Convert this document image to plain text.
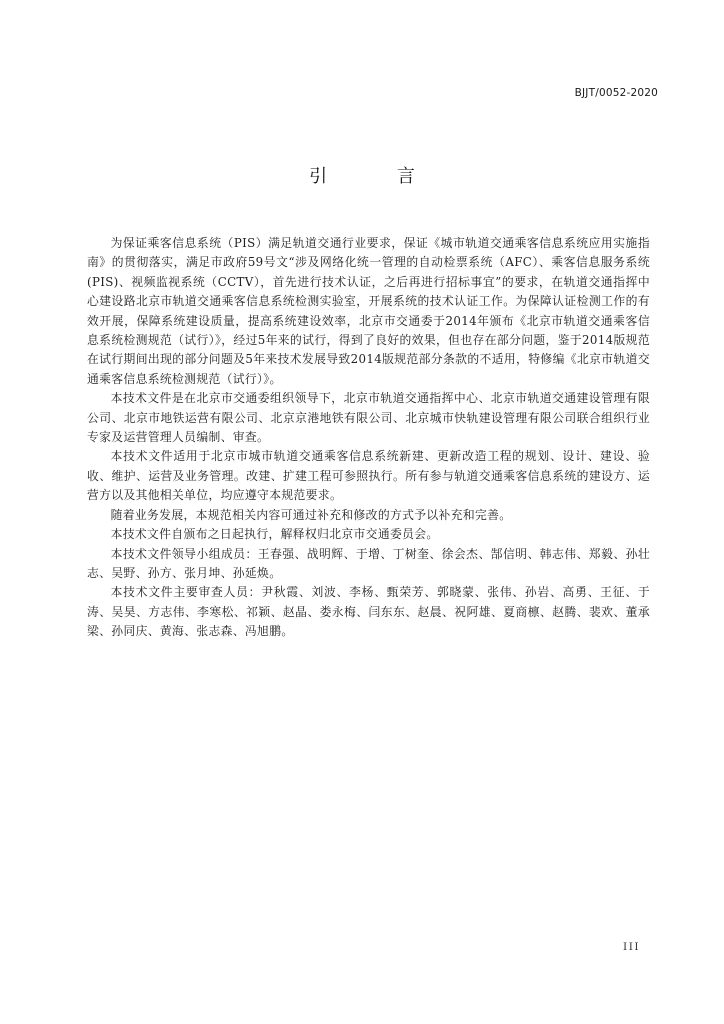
BJJT/0052-2020
引 言

为保证乘客信息系统（PIS）满足轨道交通行业要求，保证《城市轨道交通乘客信息系统应用实施指南》的贯彻落实，满足市政府59号文“涉及网络化统一管理的自动检票系统（AFC）、乘客信息服务系统(PIS)、视频监视系统（CCTV），首先进行技术认证，之后再进行招标事宜”的要求，在轨道交通指挥中心建设路北京市轨道交通乘客信息系统检测实验室，开展系统的技术认证工作。为保障认证检测工作的有效开展，保障系统建设质量，提高系统建设效率，北京市交通委于2014年颁布《北京市轨道交通乘客信息系统检测规范（试行）》，经过5年来的试行，得到了良好的效果，但也存在部分问题，鉴于2014版规范在试行期间出现的部分问题及5年来技术发展导致2014版规范部分条款的不适用，特修编《北京市轨道交通乘客信息系统检测规范（试行）》。

本技术文件是在北京市交通委组织领导下，北京市轨道交通指挥中心、北京市轨道交通建设管理有限公司、北京市地铁运营有限公司、北京京港地铁有限公司、北京城市快轨建设管理有限公司联合组织行业专家及运营管理人员编制、审查。

本技术文件适用于北京市城市轨道交通乘客信息系统新建、更新改造工程的规划、设计、建设、验收、维护、运营及业务管理。改建、扩建工程可参照执行。所有参与轨道交通乘客信息系统的建设方、运营方以及其他相关单位，均应遵守本规范要求。

随着业务发展，本规范相关内容可通过补充和修改的方式予以补充和完善。

本技术文件自颁布之日起执行，解释权归北京市交通委员会。

本技术文件领导小组成员：王春强、战明辉、于增、丁树奎、徐会杰、郜信明、韩志伟、郑毅、孙壮志、吴野、孙方、张月坤、孙延焕。

本技术文件主要审查人员：尹秋霞、刘波、李杨、甄荣芳、郭晓蒙、张伟、孙岩、高勇、王征、于涛、吴昊、方志伟、李寒松、祁颖、赵晶、娄永梅、闫东东、赵晨、祝阿雄、夏商檩、赵腾、裴欢、董承梁、孙同庆、黄海、张志森、冯旭鹏。

III
